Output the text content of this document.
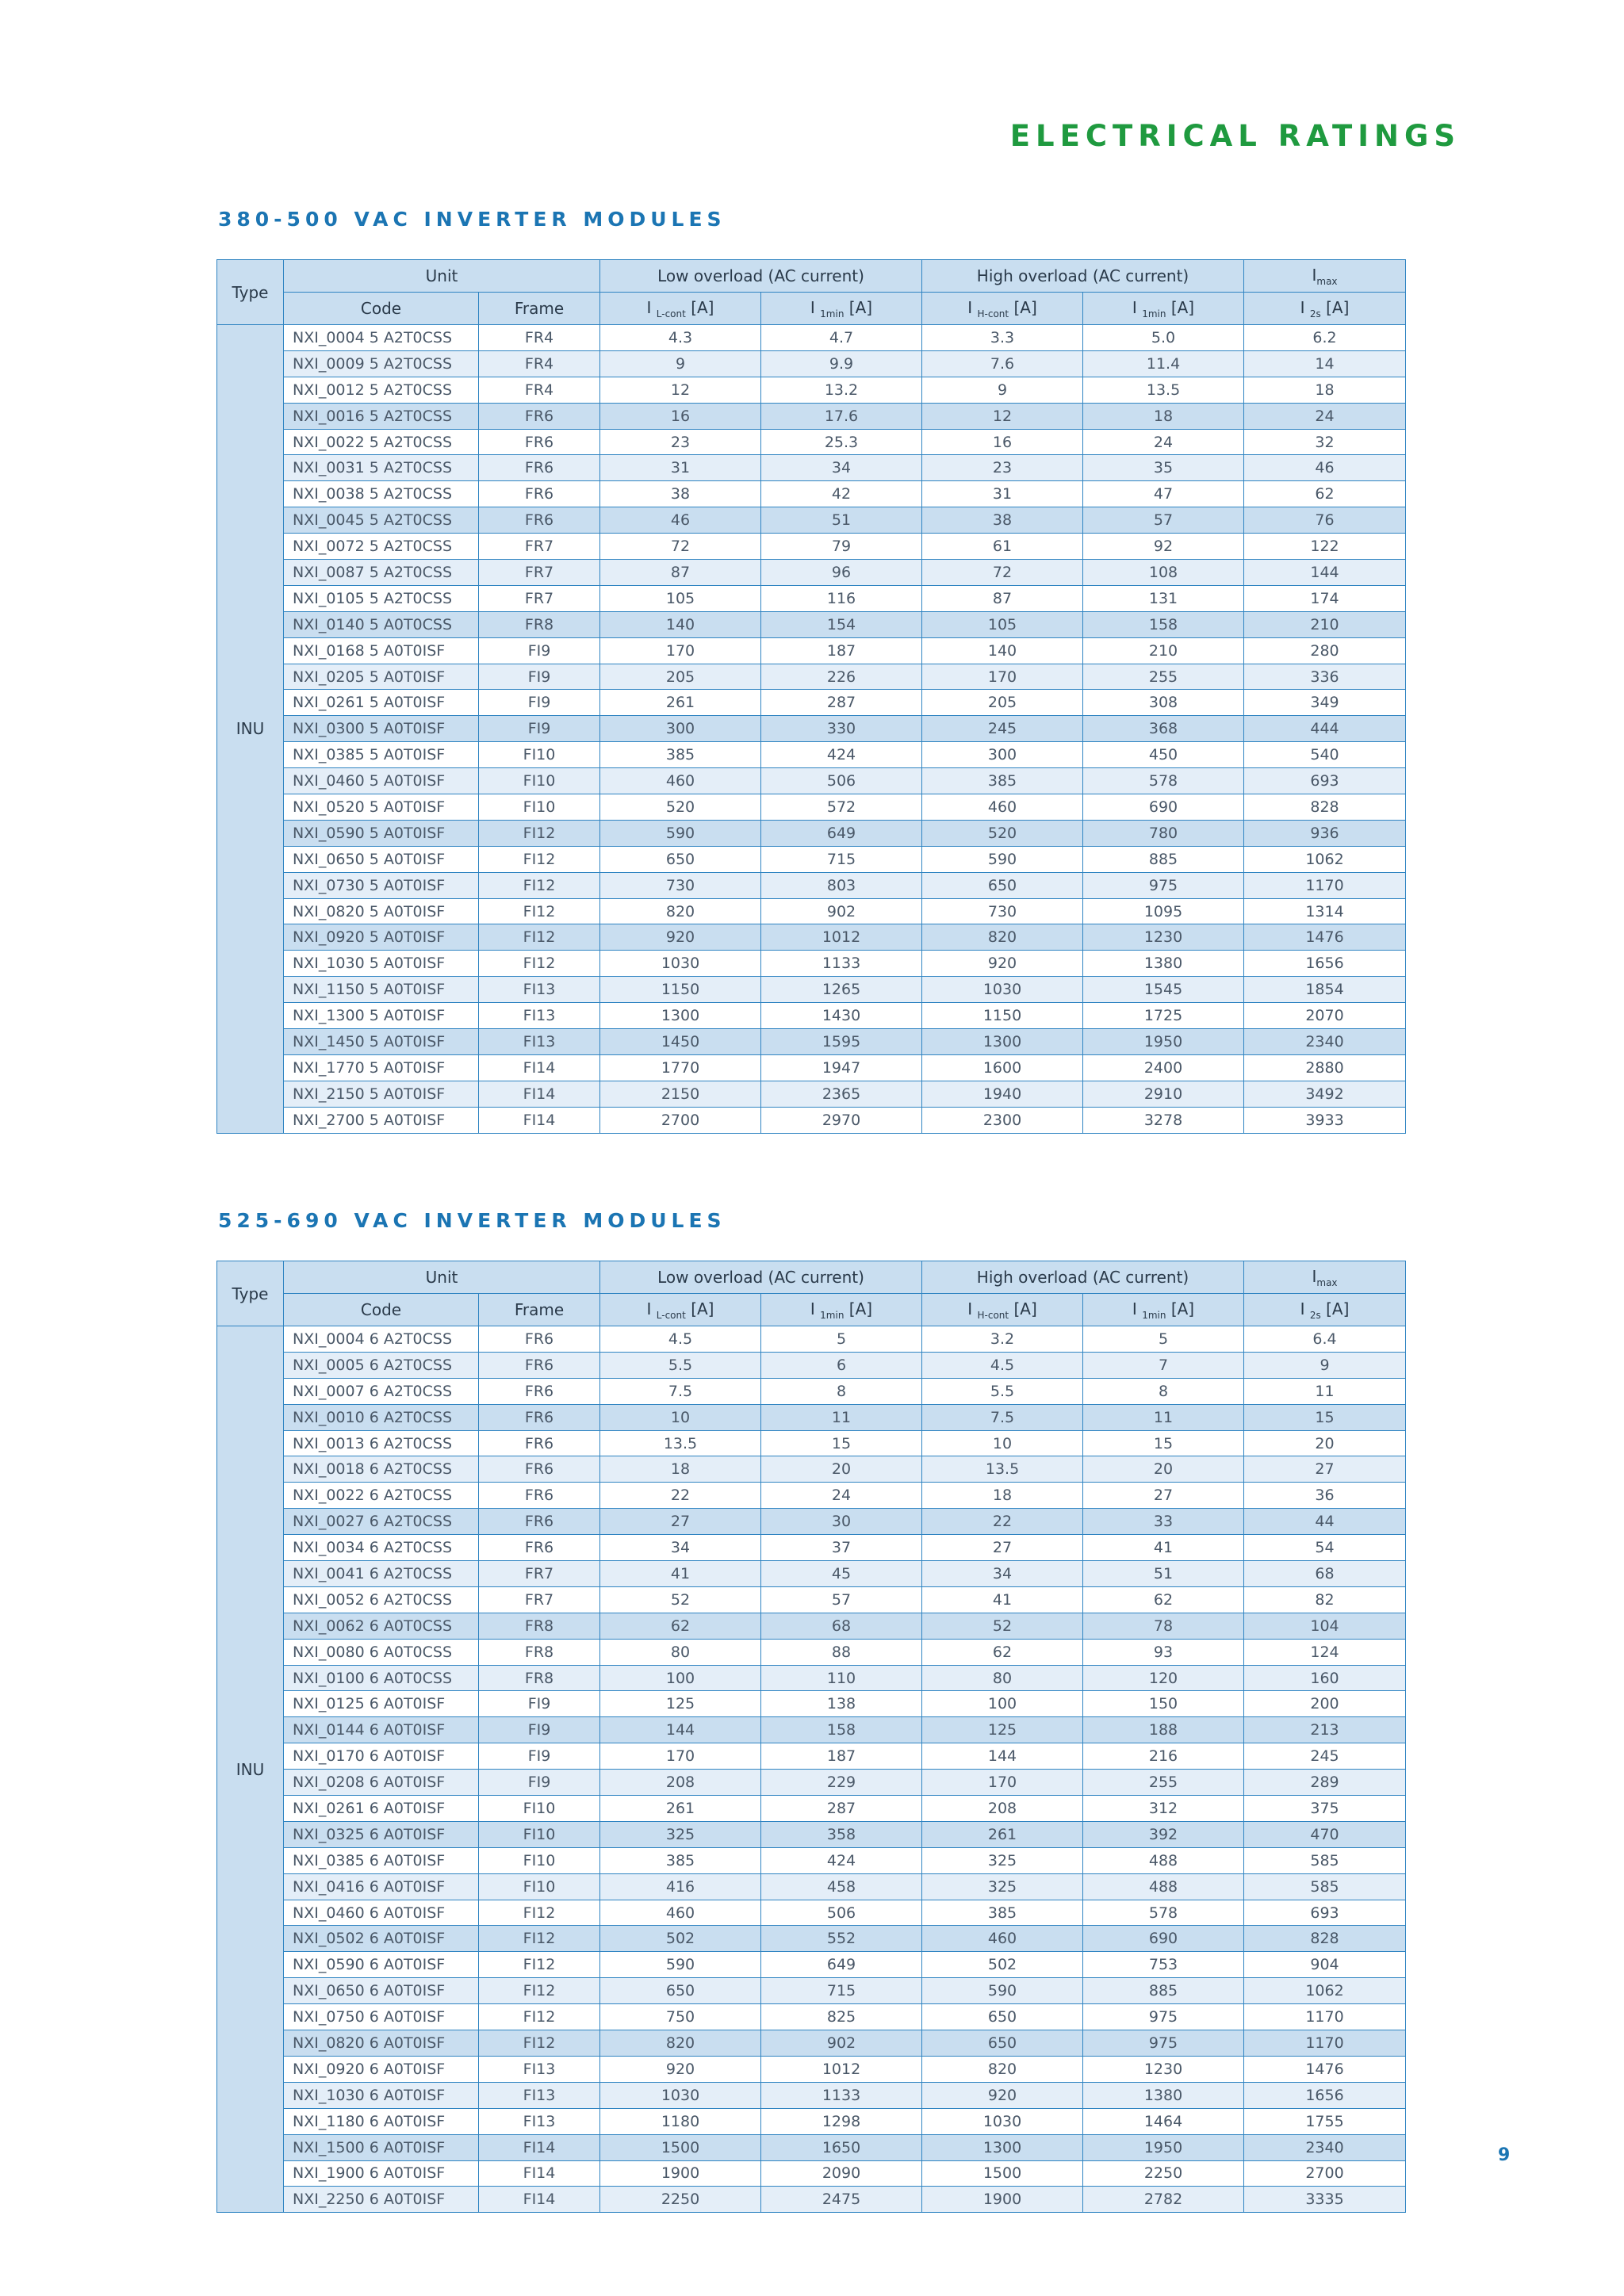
ELECTRICAL RATINGS
380-500 VAC INVERTER MODULES
Type	Unit		Low overload (AC current)		High overload (AC current)		$I_{max}$
	Code	Frame	I $_{L-cont}$ [A]	I $_{1min}$ [A]	I $_{H-cont}$ [A]	I $_{1min}$ [A]	I $_{2s}$ [A]
INU	NXI_0004 5 A2T0CSS	FR4	4.3	4.7	3.3	5.0	6.2
	NXI_0009 5 A2T0CSS	FR4	9	9.9	7.6	11.4	14
	NXI_0012 5 A2T0CSS	FR4	12	13.2	9	13.5	18
	NXI_0016 5 A2T0CSS	FR6	16	17.6	12	18	24
	NXI_0022 5 A2T0CSS	FR6	23	25.3	16	24	32
	NXI_0031 5 A2T0CSS	FR6	31	34	23	35	46
	NXI_0038 5 A2T0CSS	FR6	38	42	31	47	62
	NXI_0045 5 A2T0CSS	FR6	46	51	38	57	76
	NXI_0072 5 A2T0CSS	FR7	72	79	61	92	122
	NXI_0087 5 A2T0CSS	FR7	87	96	72	108	144
	NXI_0105 5 A2T0CSS	FR7	105	116	87	131	174
	NXI_0140 5 A0T0CSS	FR8	140	154	105	158	210
	NXI_0168 5 A0T0ISF	FI9	170	187	140	210	280
	NXI_0205 5 A0T0ISF	FI9	205	226	170	255	336
	NXI_0261 5 A0T0ISF	FI9	261	287	205	308	349
	NXI_0300 5 A0T0ISF	FI9	300	330	245	368	444
	NXI_0385 5 A0T0ISF	FI10	385	424	300	450	540
	NXI_0460 5 A0T0ISF	FI10	460	506	385	578	693
	NXI_0520 5 A0T0ISF	FI10	520	572	460	690	828
	NXI_0590 5 A0T0ISF	FI12	590	649	520	780	936
	NXI_0650 5 A0T0ISF	FI12	650	715	590	885	1062
	NXI_0730 5 A0T0ISF	FI12	730	803	650	975	1170
	NXI_0820 5 A0T0ISF	FI12	820	902	730	1095	1314
	NXI_0920 5 A0T0ISF	FI12	920	1012	820	1230	1476
	NXI_1030 5 A0T0ISF	FI12	1030	1133	920	1380	1656
	NXI_1150 5 A0T0ISF	FI13	1150	1265	1030	1545	1854
	NXI_1300 5 A0T0ISF	FI13	1300	1430	1150	1725	2070
	NXI_1450 5 A0T0ISF	FI13	1450	1595	1300	1950	2340
	NXI_1770 5 A0T0ISF	FI14	1770	1947	1600	2400	2880
	NXI_2150 5 A0T0ISF	FI14	2150	2365	1940	2910	3492
	NXI_2700 5 A0T0ISF	FI14	2700	2970	2300	3278	3933
525-690 VAC INVERTER MODULES
Type	Unit		Low overload (AC current)		High overload (AC current)		$I_{max}$
	Code	Frame	I $_{L-cont}$ [A]	I $_{1min}$ [A]	I $_{H-cont}$ [A]	I $_{1min}$ [A]	I $_{2s}$ [A]
INU	NXI_0004 6 A2T0CSS	FR6	4.5	5	3.2	5	6.4
	NXI_0005 6 A2T0CSS	FR6	5.5	6	4.5	7	9
	NXI_0007 6 A2T0CSS	FR6	7.5	8	5.5	8	11
	NXI_0010 6 A2T0CSS	FR6	10	11	7.5	11	15
	NXI_0013 6 A2T0CSS	FR6	13.5	15	10	15	20
	NXI_0018 6 A2T0CSS	FR6	18	20	13.5	20	27
	NXI_0022 6 A2T0CSS	FR6	22	24	18	27	36
	NXI_0027 6 A2T0CSS	FR6	27	30	22	33	44
	NXI_0034 6 A2T0CSS	FR6	34	37	27	41	54
	NXI_0041 6 A2T0CSS	FR7	41	45	34	51	68
	NXI_0052 6 A2T0CSS	FR7	52	57	41	62	82
	NXI_0062 6 A0T0CSS	FR8	62	68	52	78	104
	NXI_0080 6 A0T0CSS	FR8	80	88	62	93	124
	NXI_0100 6 A0T0CSS	FR8	100	110	80	120	160
	NXI_0125 6 A0T0ISF	FI9	125	138	100	150	200
	NXI_0144 6 A0T0ISF	FI9	144	158	125	188	213
	NXI_0170 6 A0T0ISF	FI9	170	187	144	216	245
	NXI_0208 6 A0T0ISF	FI9	208	229	170	255	289
	NXI_0261 6 A0T0ISF	FI10	261	287	208	312	375
	NXI_0325 6 A0T0ISF	FI10	325	358	261	392	470
	NXI_0385 6 A0T0ISF	FI10	385	424	325	488	585
	NXI_0416 6 A0T0ISF	FI10	416	458	325	488	585
	NXI_0460 6 A0T0ISF	FI12	460	506	385	578	693
	NXI_0502 6 A0T0ISF	FI12	502	552	460	690	828
	NXI_0590 6 A0T0ISF	FI12	590	649	502	753	904
	NXI_0650 6 A0T0ISF	FI12	650	715	590	885	1062
	NXI_0750 6 A0T0ISF	FI12	750	825	650	975	1170
	NXI_0820 6 A0T0ISF	FI12	820	902	650	975	1170
	NXI_0920 6 A0T0ISF	FI13	920	1012	820	1230	1476
	NXI_1030 6 A0T0ISF	FI13	1030	1133	920	1380	1656
	NXI_1180 6 A0T0ISF	FI13	1180	1298	1030	1464	1755
	NXI_1500 6 A0T0ISF	FI14	1500	1650	1300	1950	2340
	NXI_1900 6 A0T0ISF	FI14	1900	2090	1500	2250	2700
	NXI_2250 6 A0T0ISF	FI14	2250	2475	1900	2782	3335
9
